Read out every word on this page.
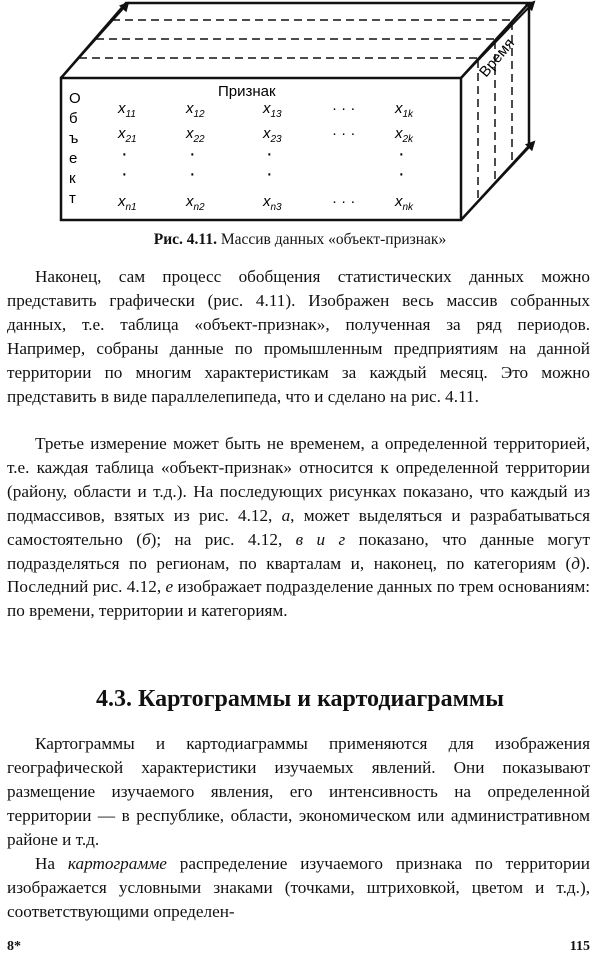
Время
Признак
О
б
ъ
е
к
т
$x_{11}$	$x_{12}$	$x_{13}$	· · ·	$x_{1k}$
$x_{21}$	$x_{22}$	$x_{23}$	· · ·	$x_{2k}$
·	·	·	·
·	·	·	·
$x_{n1}$	$x_{n2}$	$x_{n3}$	· · ·	$x_{nk}$
Рис. 4.11. Массив данных «объект-признак»

Наконец, сам процесс обобщения статистических данных можно представить графически (рис. 4.11). Изображен весь массив собранных данных, т.е. таблица «объект-признак», полученная за ряд периодов. Например, собраны данные по промышленным предприятиям на данной территории по многим характеристикам за каждый месяц. Это можно представить в виде параллелепипеда, что и сделано на рис. 4.11.

Третье измерение может быть не временем, а определенной территорией, т.е. каждая таблица «объект-признак» относится к определенной территории (району, области и т.д.). На последующих рисунках показано, что каждый из подмассивов, взятых из рис. 4.12, а, может выделяться и разрабатываться самостоятельно (б); на рис. 4.12, в и г показано, что данные могут подразделяться по регионам, по кварталам и, наконец, по категориям (д). Последний рис. 4.12, е изображает подразделение данных по трем основаниям: по времени, территории и категориям.

4.3. Картограммы и картодиаграммы

Картограммы и картодиаграммы применяются для изображения географической характеристики изучаемых явлений. Они показывают размещение изучаемого явления, его интенсивность на определенной территории — в республике, области, экономическом или административном районе и т.д.

На картограмме распределение изучаемого признака по территории изображается условными знаками (точками, штриховкой, цветом и т.д.), соответствующими определен-

8*	115
